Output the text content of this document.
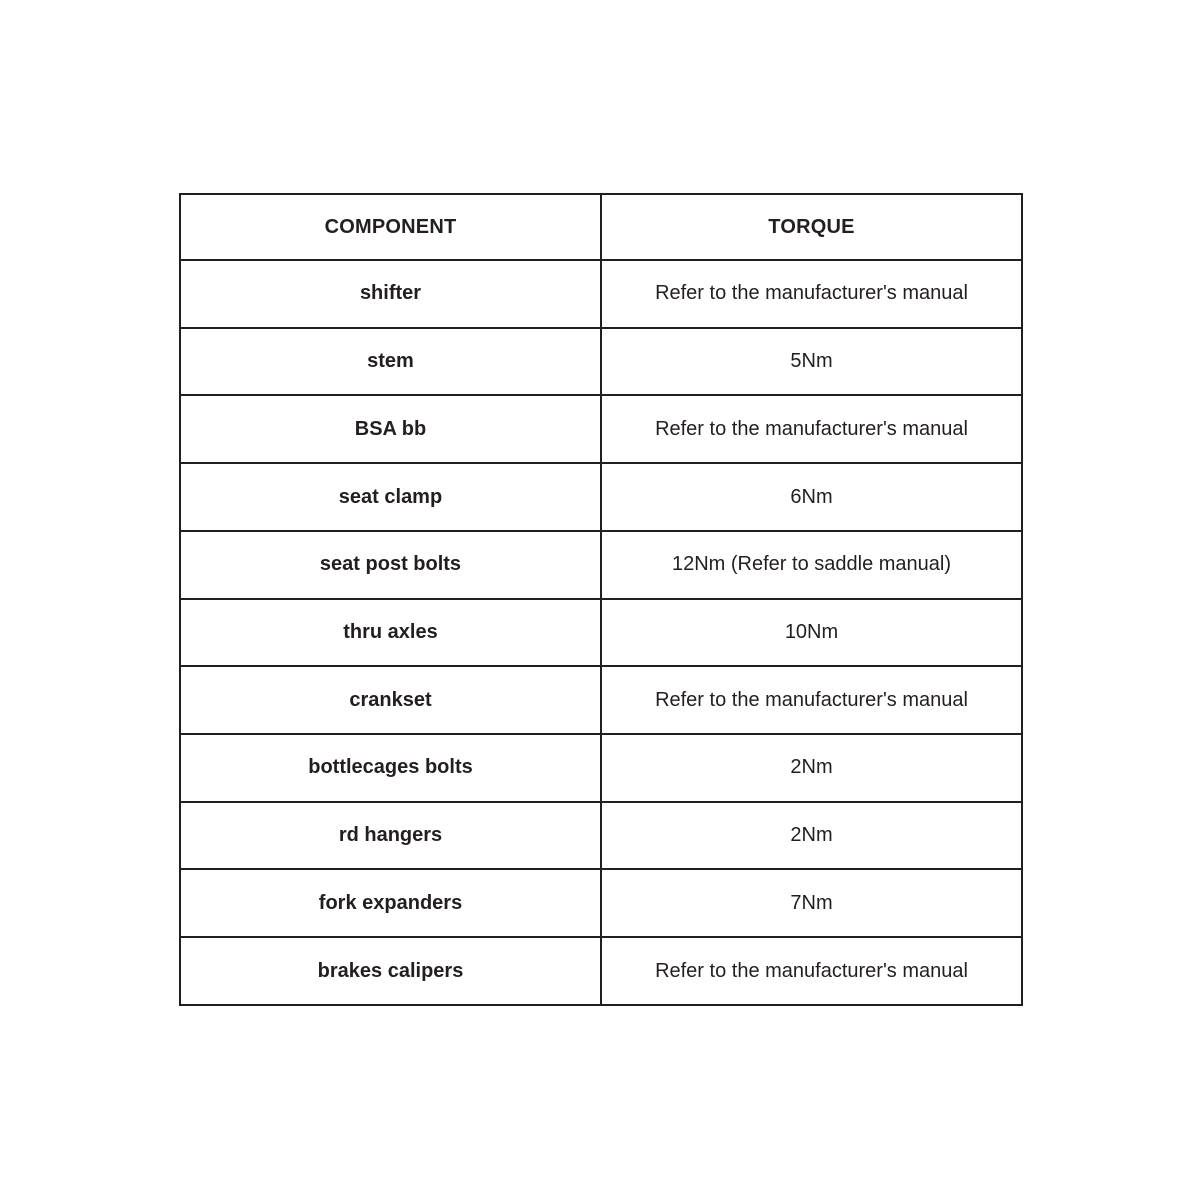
COMPONENT	TORQUE
shifter	Refer to the manufacturer's manual
stem	5Nm
BSA bb	Refer to the manufacturer's manual
seat clamp	6Nm
seat post bolts	12Nm (Refer to saddle manual)
thru axles	10Nm
crankset	Refer to the manufacturer's manual
bottlecages bolts	2Nm
rd hangers	2Nm
fork expanders	7Nm
brakes calipers	Refer to the manufacturer's manual
